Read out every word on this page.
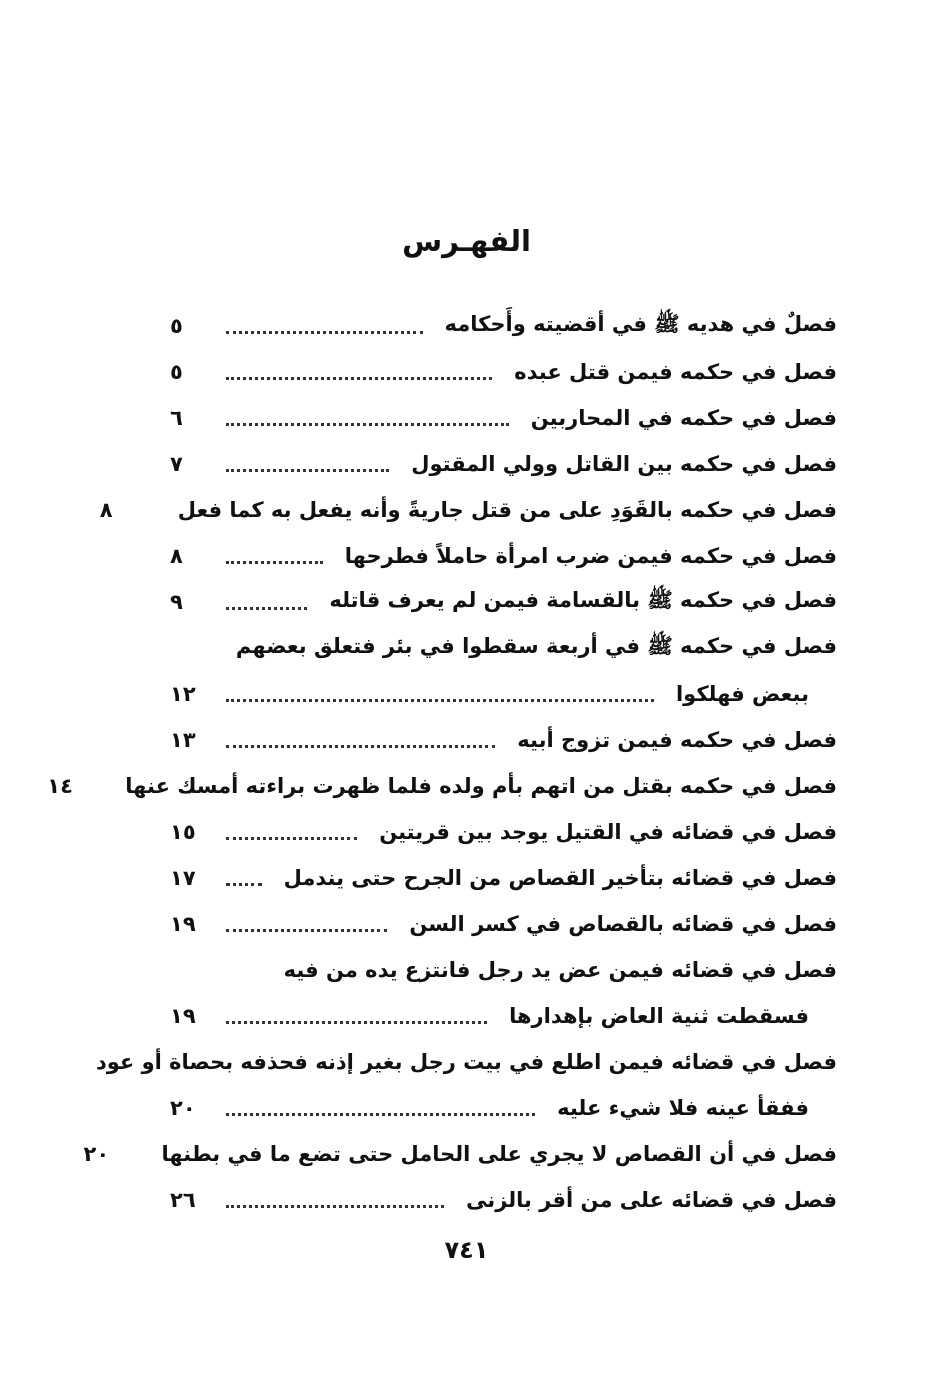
الفهـرس
فصلٌ في هديه ﷺ في أقضيته وأَحكامه
٥
فصل في حكمه فيمن قتل عبده
٥
فصل في حكمه في المحاربين
٦
فصل في حكمه بين القاتل وولي المقتول
٧
فصل في حكمه بالقَوَدِ على من قتل جاريةً وأنه يفعل به كما فعل
٨
فصل في حكمه فيمن ضرب امرأة حاملاً فطرحها
٨
فصل في حكمه ﷺ بالقسامة فيمن لم يعرف قاتله
٩
فصل في حكمه ﷺ في أربعة سقطوا في بئر فتعلق بعضهم
ببعض فهلكوا
١٢
فصل في حكمه فيمن تزوج أبيه
١٣
فصل في حكمه بقتل من اتهم بأم ولده فلما ظهرت براءته أمسك عنها
١٤
فصل في قضائه في القتيل يوجد بين قريتين
١٥
فصل في قضائه بتأخير القصاص من الجرح حتى يندمل
١٧
فصل في قضائه بالقصاص في كسر السن
١٩
فصل في قضائه فيمن عض يد رجل فانتزع يده من فيه
فسقطت ثنية العاض بإهدارها
١٩
فصل في قضائه فيمن اطلع في بيت رجل بغير إذنه فحذفه بحصاة أو عود
ففقأ عينه فلا شيء عليه
٢٠
فصل في أن القصاص لا يجري على الحامل حتى تضع ما في بطنها
٢٠
فصل في قضائه على من أقر بالزنى
٢٦
٧٤١
